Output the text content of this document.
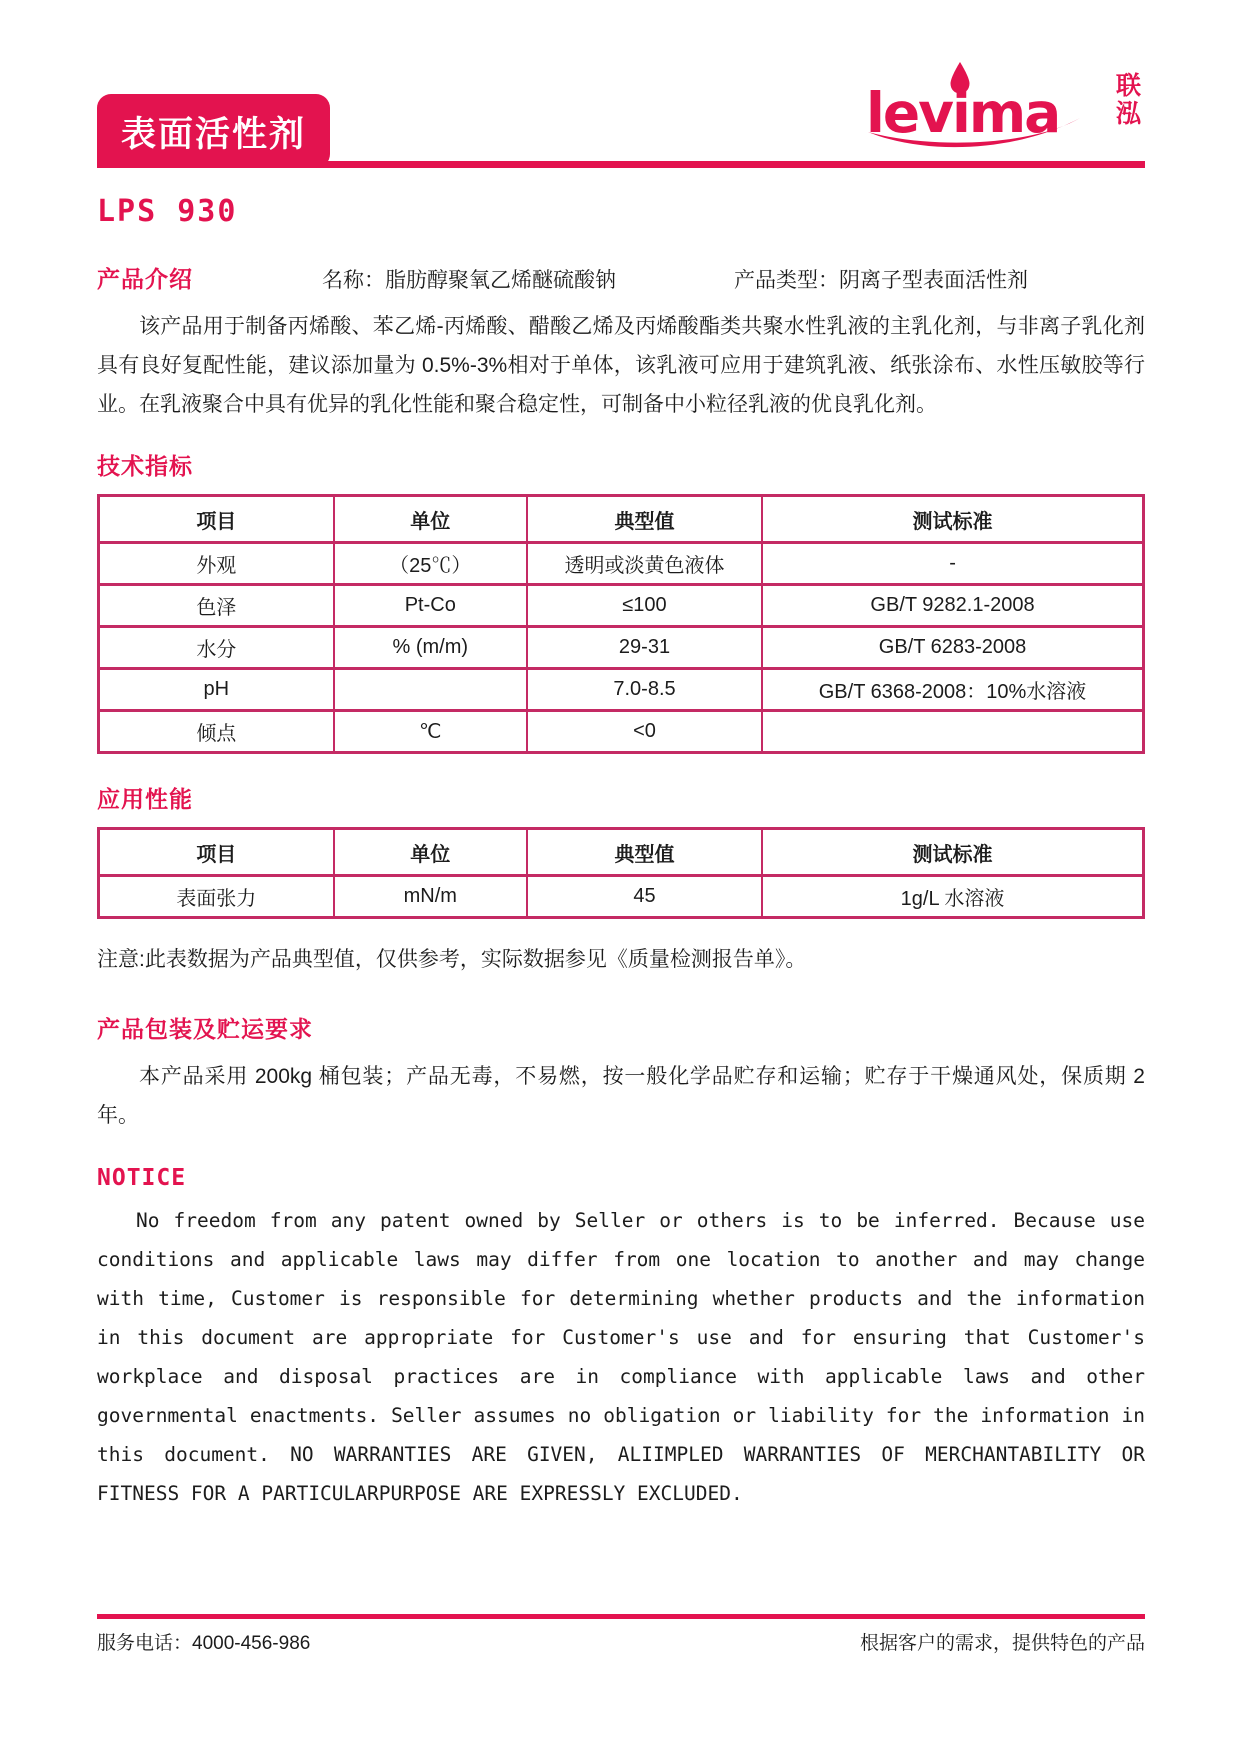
表面活性剂	levima 联
泓
LPS 930
产品介绍	名称：脂肪醇聚氧乙烯醚硫酸钠	产品类型：阴离子型表面活性剂

该产品用于制备丙烯酸、苯乙烯-丙烯酸、醋酸乙烯及丙烯酸酯类共聚水性乳液的主乳化剂，与非离子乳化剂具有良好复配性能，建议添加量为 0.5%-3%相对于单体，该乳液可应用于建筑乳液、纸张涂布、水性压敏胶等行业。在乳液聚合中具有优异的乳化性能和聚合稳定性，可制备中小粒径乳液的优良乳化剂。

技术指标
项目	单位	典型值	测试标准
外观	（25℃）	透明或淡黄色液体	-
色泽	Pt-Co	≤100	GB/T 9282.1-2008
水分	% (m/m)	29-31	GB/T 6283-2008
pH		7.0-8.5	GB/T 6368-2008：10%水溶液
倾点	℃	<0	
应用性能
项目	单位	典型值	测试标准
表面张力	mN/m	45	1g/L 水溶液
注意:此表数据为产品典型值，仅供参考，实际数据参见《质量检测报告单》。
产品包装及贮运要求

本产品采用 200kg 桶包装；产品无毒，不易燃，按一般化学品贮存和运输；贮存于干燥通风处，保质期 2 年。

NOTICE

No freedom from any patent owned by Seller or others is to be inferred. Because use conditions and applicable laws may differ from one location to another and may change with time, Customer is responsible for determining whether products and the information in this document are appropriate for Customer's use and for ensuring that Customer's workplace and disposal practices are in compliance with applicable laws and other governmental enactments. Seller assumes no obligation or liability for the information in this document. NO WARRANTIES ARE GIVEN, ALIIMPLED WARRANTIES OF MERCHANTABILITY OR FITNESS FOR A PARTICULARPURPOSE ARE EXPRESSLY EXCLUDED.

服务电话：4000-456-986	根据客户的需求，提供特色的产品
